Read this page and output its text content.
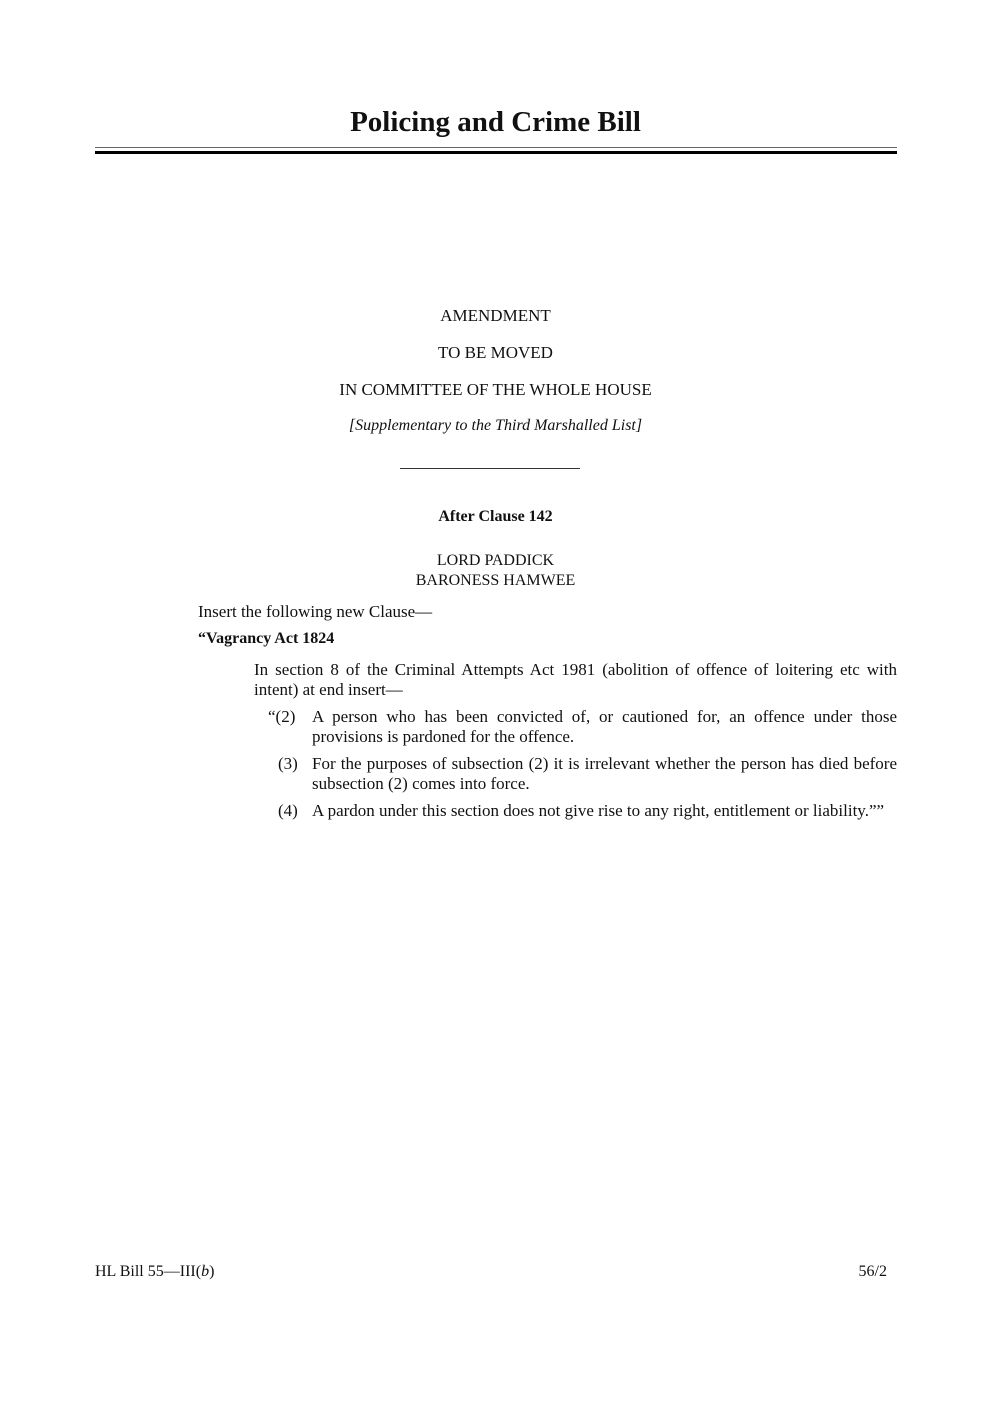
Policing and Crime Bill
AMENDMENT
TO BE MOVED
IN COMMITTEE OF THE WHOLE HOUSE
[Supplementary to the Third Marshalled List]
After Clause 142
LORD PADDICK
BARONESS HAMWEE
Insert the following new Clause—
“Vagrancy Act 1824
In section 8 of the Criminal Attempts Act 1981 (abolition of offence of loitering etc with intent) at end insert—
“(2) A person who has been convicted of, or cautioned for, an offence under those provisions is pardoned for the offence.
(3) For the purposes of subsection (2) it is irrelevant whether the person has died before subsection (2) comes into force.
(4) A pardon under this section does not give rise to any right, entitlement or liability.””
HL Bill 55—III(b)	56/2
